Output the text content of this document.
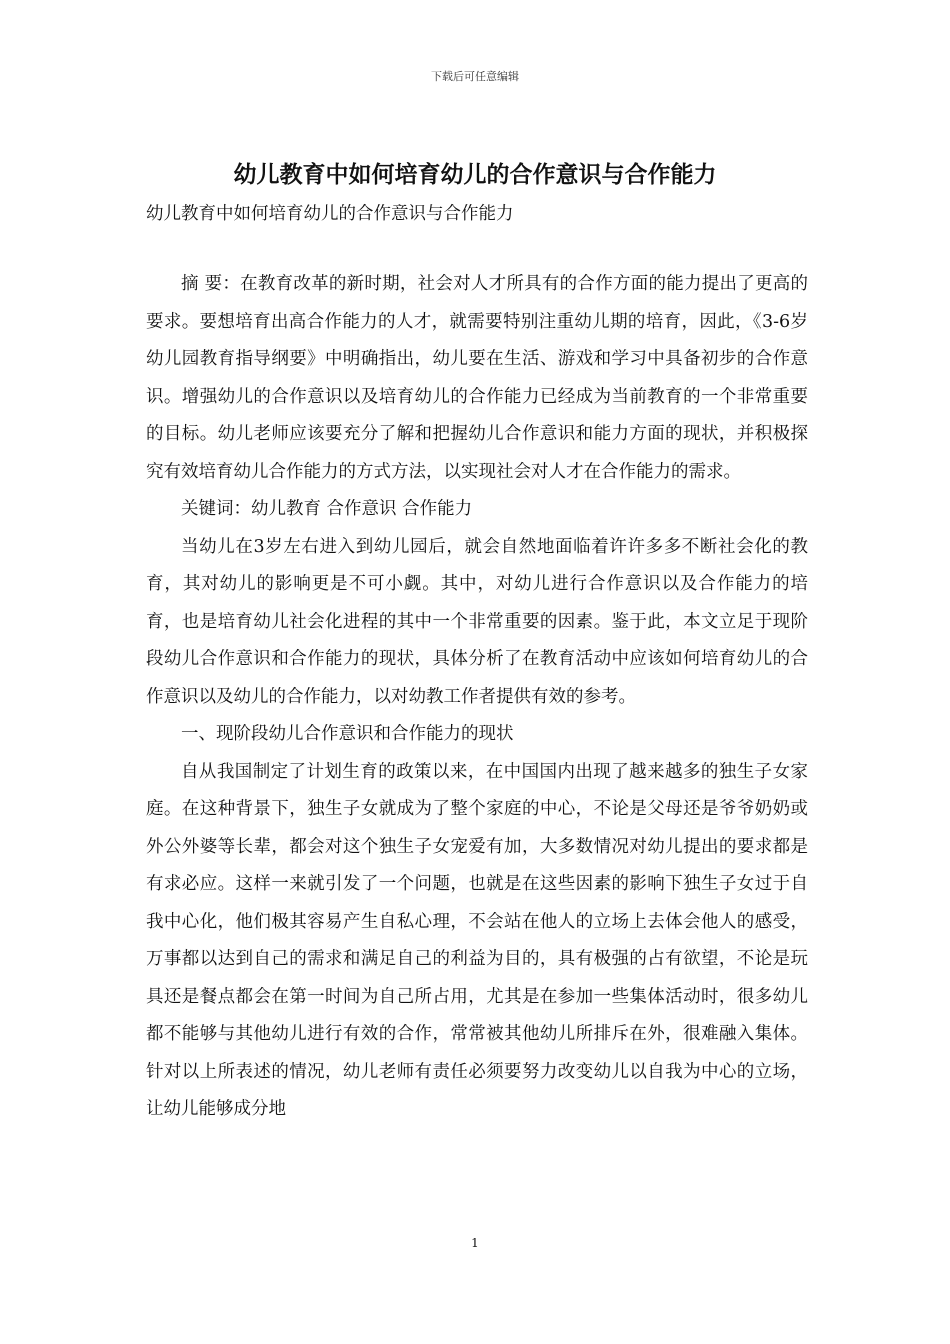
下载后可任意编辑
幼儿教育中如何培育幼儿的合作意识与合作能力
幼儿教育中如何培育幼儿的合作意识与合作能力

摘 要：在教育改革的新时期，社会对人才所具有的合作方面的能力提出了更高的要求。要想培育出高合作能力的人才，就需要特别注重幼儿期的培育，因此，《3-6岁幼儿园教育指导纲要》中明确指出，幼儿要在生活、游戏和学习中具备初步的合作意识。增强幼儿的合作意识以及培育幼儿的合作能力已经成为当前教育的一个非常重要的目标。幼儿老师应该要充分了解和把握幼儿合作意识和能力方面的现状，并积极探究有效培育幼儿合作能力的方式方法，以实现社会对人才在合作能力的需求。

关键词：幼儿教育 合作意识 合作能力

当幼儿在3岁左右进入到幼儿园后，就会自然地面临着许许多多不断社会化的教育，其对幼儿的影响更是不可小觑。其中，对幼儿进行合作意识以及合作能力的培育，也是培育幼儿社会化进程的其中一个非常重要的因素。鉴于此，本文立足于现阶段幼儿合作意识和合作能力的现状，具体分析了在教育活动中应该如何培育幼儿的合作意识以及幼儿的合作能力，以对幼教工作者提供有效的参考。

一、现阶段幼儿合作意识和合作能力的现状

自从我国制定了计划生育的政策以来，在中国国内出现了越来越多的独生子女家庭。在这种背景下，独生子女就成为了整个家庭的中心，不论是父母还是爷爷奶奶或外公外婆等长辈，都会对这个独生子女宠爱有加，大多数情况对幼儿提出的要求都是有求必应。这样一来就引发了一个问题，也就是在这些因素的影响下独生子女过于自我中心化，他们极其容易产生自私心理，不会站在他人的立场上去体会他人的感受，万事都以达到自己的需求和满足自己的利益为目的，具有极强的占有欲望，不论是玩具还是餐点都会在第一时间为自己所占用，尤其是在参加一些集体活动时，很多幼儿都不能够与其他幼儿进行有效的合作，常常被其他幼儿所排斥在外，很难融入集体。针对以上所表述的情况，幼儿老师有责任必须要努力改变幼儿以自我为中心的立场，让幼儿能够成分地

1
